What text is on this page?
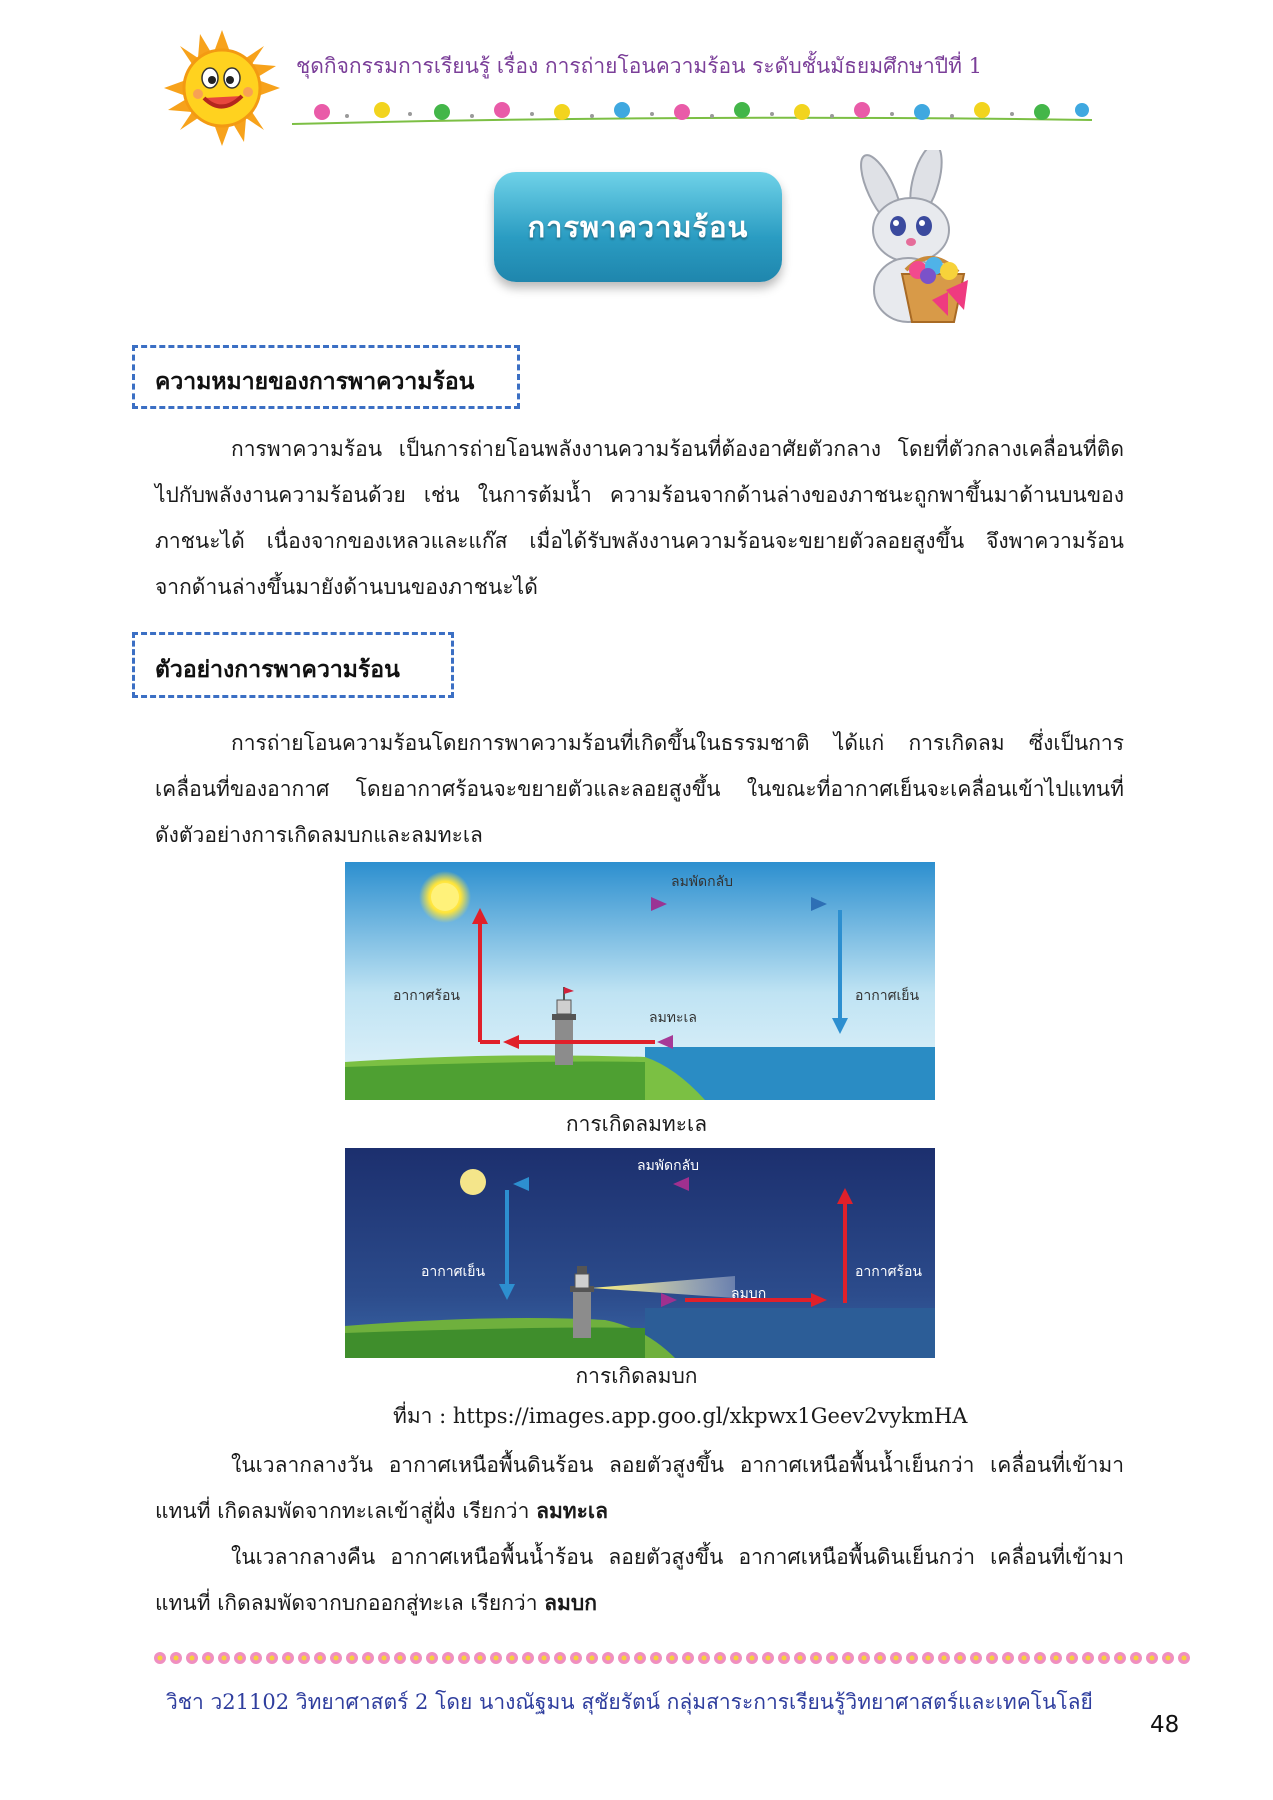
ชุดกิจกรรมการเรียนรู้ เรื่อง การถ่ายโอนความร้อน ระดับชั้นมัธยมศึกษาปีที่ 1
การพาความร้อน
ความหมายของการพาความร้อน
การพาความร้อน เป็นการถ่ายโอนพลังงานความร้อนที่ต้องอาศัยตัวกลาง โดยที่ตัวกลางเคลื่อนที่ติด
ไปกับพลังงานความร้อนด้วย เช่น ในการต้มน้ำ ความร้อนจากด้านล่างของภาชนะถูกพาขึ้นมาด้านบนของ
ภาชนะได้ เนื่องจากของเหลวและแก๊ส เมื่อได้รับพลังงานความร้อนจะขยายตัวลอยสูงขึ้น จึงพาความร้อน
จากด้านล่างขึ้นมายังด้านบนของภาชนะได้
ตัวอย่างการพาความร้อน
การถ่ายโอนความร้อนโดยการพาความร้อนที่เกิดขึ้นในธรรมชาติ ได้แก่ การเกิดลม ซึ่งเป็นการ
เคลื่อนที่ของอากาศ โดยอากาศร้อนจะขยายตัวและลอยสูงขึ้น ในขณะที่อากาศเย็นจะเคลื่อนเข้าไปแทนที่
ดังตัวอย่างการเกิดลมบกและลมทะเล
ลมพัดกลับ
อากาศร้อน	อากาศเย็น
ลมทะเล
การเกิดลมทะเล
ลมพัดกลับ
อากาศเย็น	อากาศร้อน
ลมบก
การเกิดลมบก
ที่มา : https://images.app.goo.gl/xkpwx1Geev2vykmHA
ในเวลากลางวัน อากาศเหนือพื้นดินร้อน ลอยตัวสูงขึ้น อากาศเหนือพื้นน้ำเย็นกว่า เคลื่อนที่เข้ามา
แทนที่ เกิดลมพัดจากทะเลเข้าสู่ฝั่ง เรียกว่า ลมทะเล
ในเวลากลางคืน อากาศเหนือพื้นน้ำร้อน ลอยตัวสูงขึ้น อากาศเหนือพื้นดินเย็นกว่า เคลื่อนที่เข้ามา
แทนที่ เกิดลมพัดจากบกออกสู่ทะเล เรียกว่า ลมบก
วิชา ว21102 วิทยาศาสตร์ 2 โดย นางณัฐมน สุชัยรัตน์ กลุ่มสาระการเรียนรู้วิทยาศาสตร์และเทคโนโลยี
48
